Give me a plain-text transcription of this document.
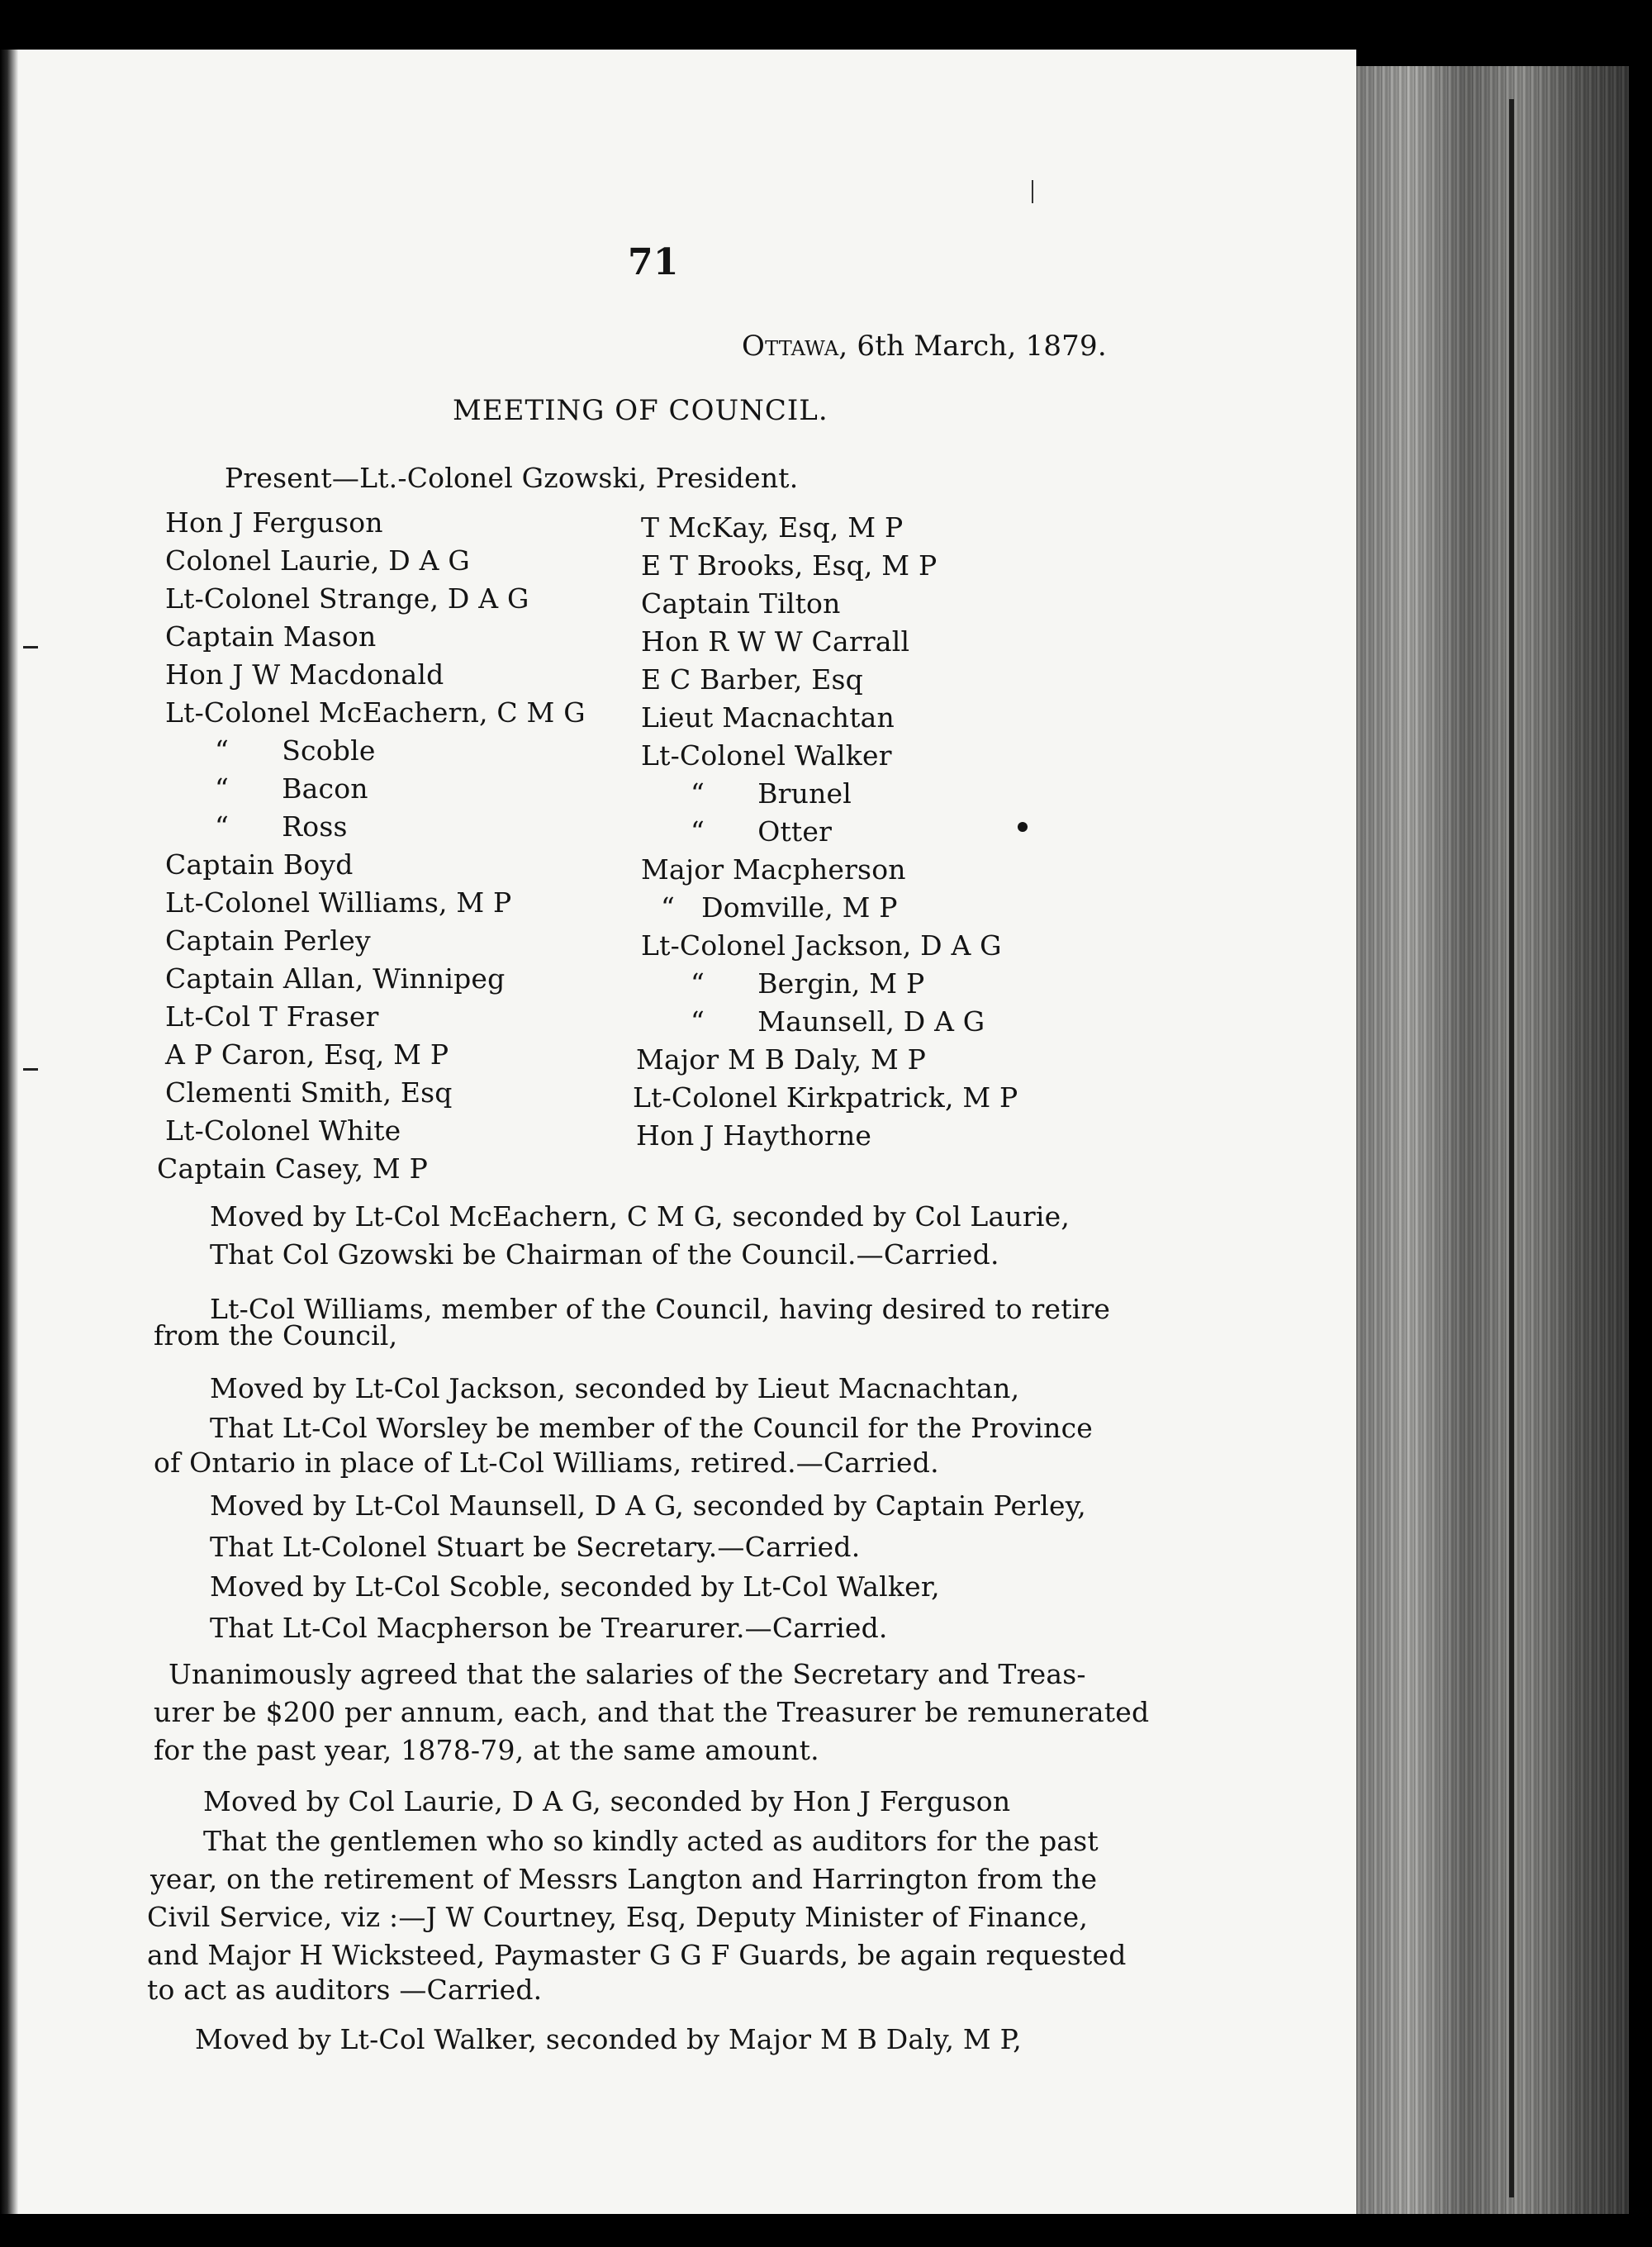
71
Ottawa, 6th March, 1879.
MEETING OF COUNCIL.
Present—Lt.-Colonel Gzowski, President.
Hon J Ferguson
Colonel Laurie, D A G
Lt-Colonel Strange, D A G
Captain Mason
Hon J W Macdonald
Lt-Colonel McEachern, C M G
“      Scoble
“      Bacon
“      Ross
Captain Boyd
Lt-Colonel Williams, M P
Captain Perley
Captain Allan, Winnipeg
Lt-Col T Fraser
A P Caron, Esq, M P
Clementi Smith, Esq
Lt-Colonel White
Captain Casey, M P
T McKay, Esq, M P
E T Brooks, Esq, M P
Captain Tilton
Hon R W W Carrall
E C Barber, Esq
Lieut Macnachtan
Lt-Colonel Walker
“      Brunel
“      Otter
Major Macpherson
“   Domville, M P
Lt-Colonel Jackson, D A G
“      Bergin, M P
“      Maunsell, D A G
Major M B Daly, M P
Lt-Colonel Kirkpatrick, M P
Hon J Haythorne
Moved by Lt-Col McEachern, C M G, seconded by Col Laurie,
That Col Gzowski be Chairman of the Council.—Carried.
Lt-Col Williams, member of the Council, having desired to retire
from the Council,
Moved by Lt-Col Jackson, seconded by Lieut Macnachtan,
That Lt-Col Worsley be member of the Council for the Province
of Ontario in place of Lt-Col Williams, retired.—Carried.
Moved by Lt-Col Maunsell, D A G, seconded by Captain Perley,
That Lt-Colonel Stuart be Secretary.—Carried.
Moved by Lt-Col Scoble, seconded by Lt-Col Walker,
That Lt-Col Macpherson be Trearurer.—Carried.
Unanimously agreed that the salaries of the Secretary and Treas-
urer be $200 per annum, each, and that the Treasurer be remunerated
for the past year, 1878-79, at the same amount.
Moved by Col Laurie, D A G, seconded by Hon J Ferguson
That the gentlemen who so kindly acted as auditors for the past
year, on the retirement of Messrs Langton and Harrington from the
Civil Service, viz :—J W Courtney, Esq, Deputy Minister of Finance,
and Major H Wicksteed, Paymaster G G F Guards, be again requested
to act as auditors —Carried.
Moved by Lt-Col Walker, seconded by Major M B Daly, M P,
